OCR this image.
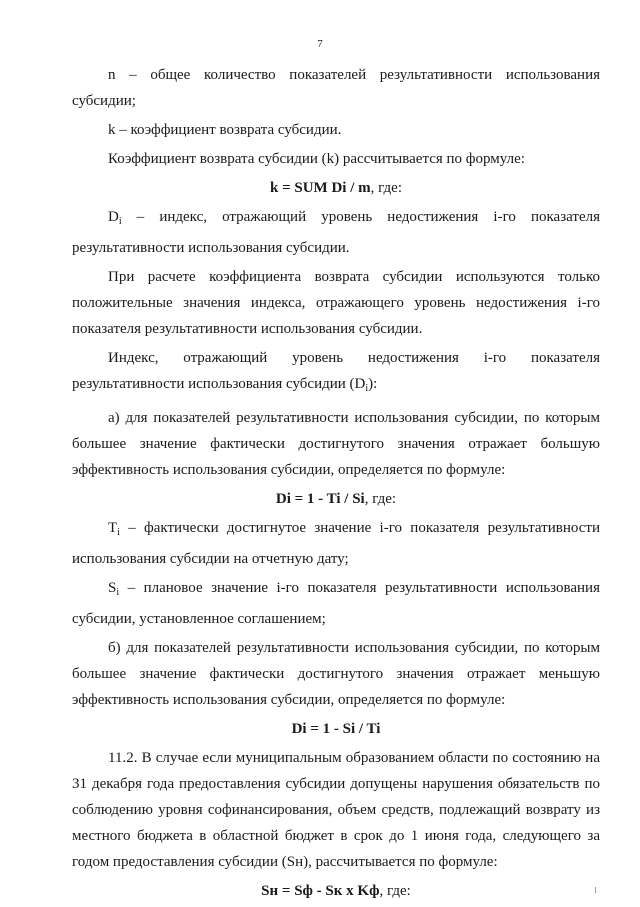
7

n – общее количество показателей результативности использования субсидии;

k – коэффициент возврата субсидии.

Коэффициент возврата субсидии (k) рассчитывается по формуле:

k = SUM Di / m, где:

$D_i$ – индекс, отражающий уровень недостижения i-го показателя результативности использования субсидии.

При расчете коэффициента возврата субсидии используются только положительные значения индекса, отражающего уровень недостижения i-го показателя результативности использования субсидии.

Индекс, отражающий уровень недостижения i-го показателя результативности использования субсидии $(D_i)$:

а) для показателей результативности использования субсидии, по которым большее значение фактически достигнутого значения отражает большую эффективность использования субсидии, определяется по формуле:

Di = 1 - Ti / Si, где:

$T_i$ – фактически достигнутое значение i-го показателя результативности использования субсидии на отчетную дату;

$S_i$ – плановое значение i-го показателя результативности использования субсидии, установленное соглашением;

б) для показателей результативности использования субсидии, по которым большее значение фактически достигнутого значения отражает меньшую эффективность использования субсидии, определяется по формуле:

Di = 1 - Si / Ti

11.2. В случае если муниципальным образованием области по состоянию на 31 декабря года предоставления субсидии допущены нарушения обязательств по соблюдению уровня софинансирования, объем средств, подлежащий возврату из местного бюджета в областной бюджет в срок до 1 июня года, следующего за годом предоставления субсидии (Sн), рассчитывается по формуле:

Sн = Sф - Sк x Kф, где:
